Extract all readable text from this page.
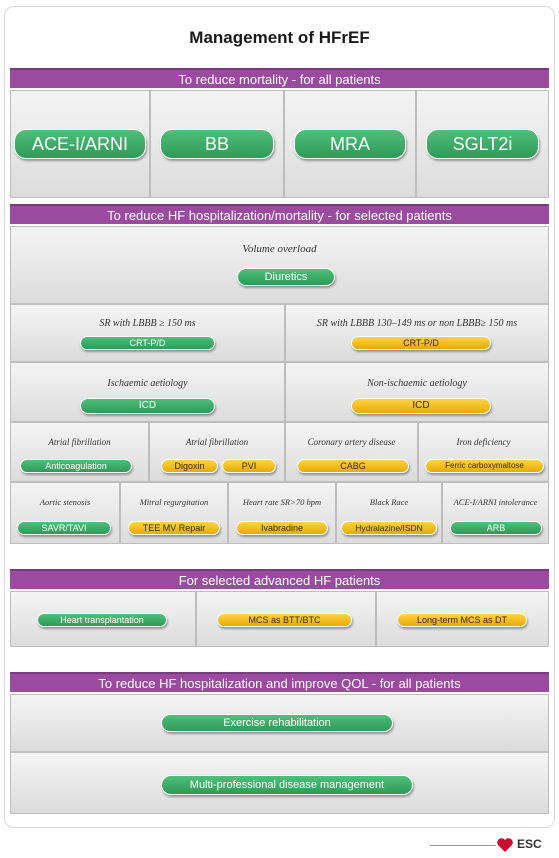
Management of HFrEF
To reduce mortality - for all patients
ACE-I/ARNI	BB	MRA	SGLT2i
To reduce HF hospitalization/mortality - for selected patients
Volume overload
Diuretics
SR with LBBB ≥ 150 ms
CRT-P/D
SR with LBBB 130–149 ms or non LBBB≥ 150 ms
CRT-P/D
Ischaemic aetiology
ICD
Non-ischaemic aetiology
ICD
Atrial fibrillation
Anticoagulation
Atrial fibrillation
Digoxin	PVI
Coronary artery disease
CABG
Iron deficiency
Ferric carboxymaltose
Aortic stenosis
SAVR/TAVI
Mitral regurgitation
TEE MV Repair
Heart rate SR>70 bpm
Ivabradine
Black Race
Hydralazine/ISDN
ACE-I/ARNI intolerance
ARB
For selected advanced HF patients
Heart transplantation	MCS as BTT/BTC	Long-term MCS as DT
To reduce HF hospitalization and improve QOL - for all patients
Exercise rehabilitation
Multi-professional disease management
ESC
